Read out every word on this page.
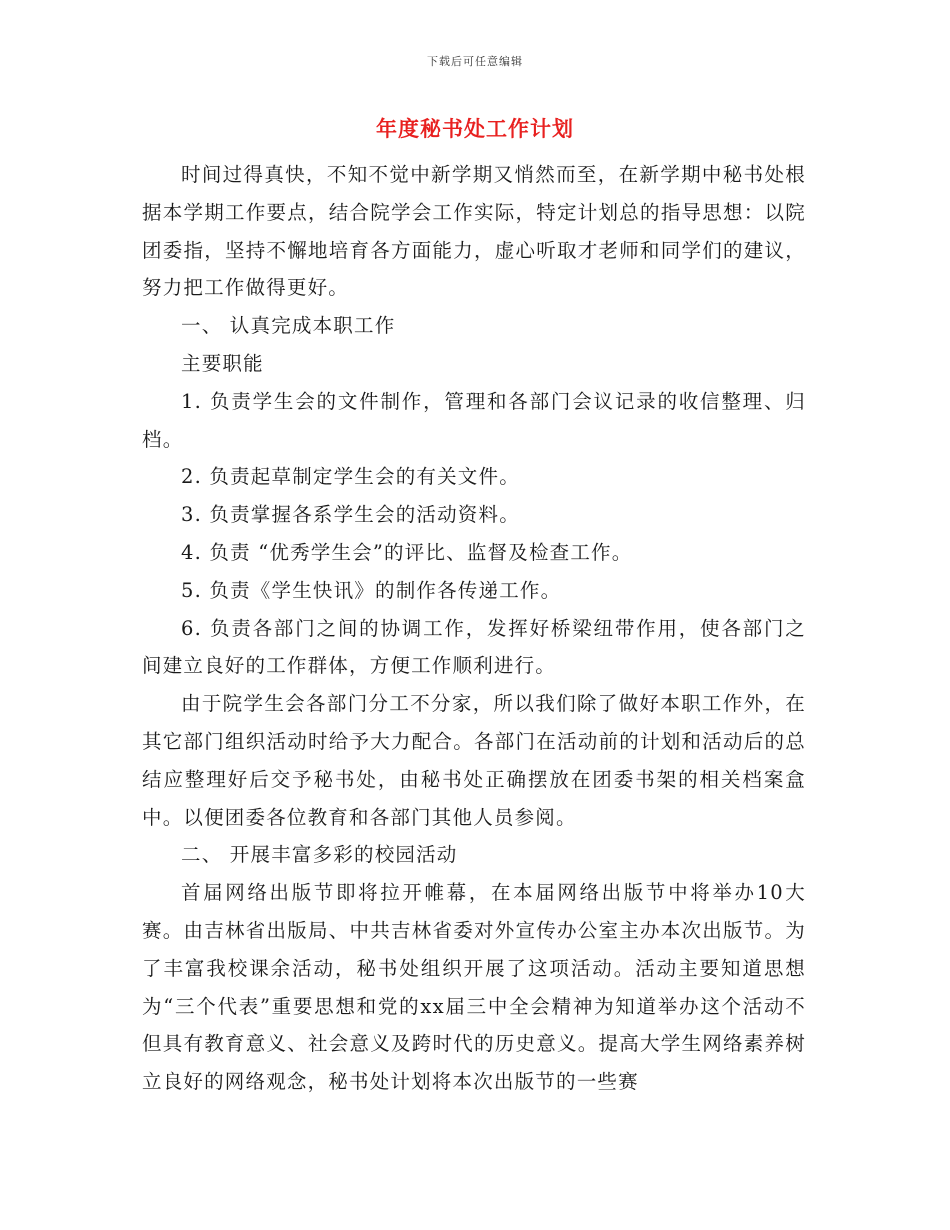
下载后可任意编辑
年度秘书处工作计划

时间过得真快，不知不觉中新学期又悄然而至，在新学期中秘书处根据本学期工作要点，结合院学会工作实际，特定计划总的指导思想：以院团委指，坚持不懈地培育各方面能力，虚心听取才老师和同学们的建议，努力把工作做得更好。

一、 认真完成本职工作

主要职能

1. 负责学生会的文件制作，管理和各部门会议记录的收信整理、归档。

2. 负责起草制定学生会的有关文件。

3. 负责掌握各系学生会的活动资料。

4. 负责 “优秀学生会”的评比、监督及检查工作。

5. 负责《学生快讯》的制作各传递工作。

6. 负责各部门之间的协调工作，发挥好桥梁纽带作用，使各部门之间建立良好的工作群体，方便工作顺利进行。

由于院学生会各部门分工不分家，所以我们除了做好本职工作外，在其它部门组织活动时给予大力配合。各部门在活动前的计划和活动后的总结应整理好后交予秘书处，由秘书处正确摆放在团委书架的相关档案盒中。以便团委各位教育和各部门其他人员参阅。

二、 开展丰富多彩的校园活动

首届网络出版节即将拉开帷幕，在本届网络出版节中将举办10大赛。由吉林省出版局、中共吉林省委对外宣传办公室主办本次出版节。为了丰富我校课余活动，秘书处组织开展了这项活动。活动主要知道思想为“三个代表”重要思想和党的xx届三中全会精神为知道举办这个活动不但具有教育意义、社会意义及跨时代的历史意义。提高大学生网络素养树立良好的网络观念，秘书处计划将本次出版节的一些赛
